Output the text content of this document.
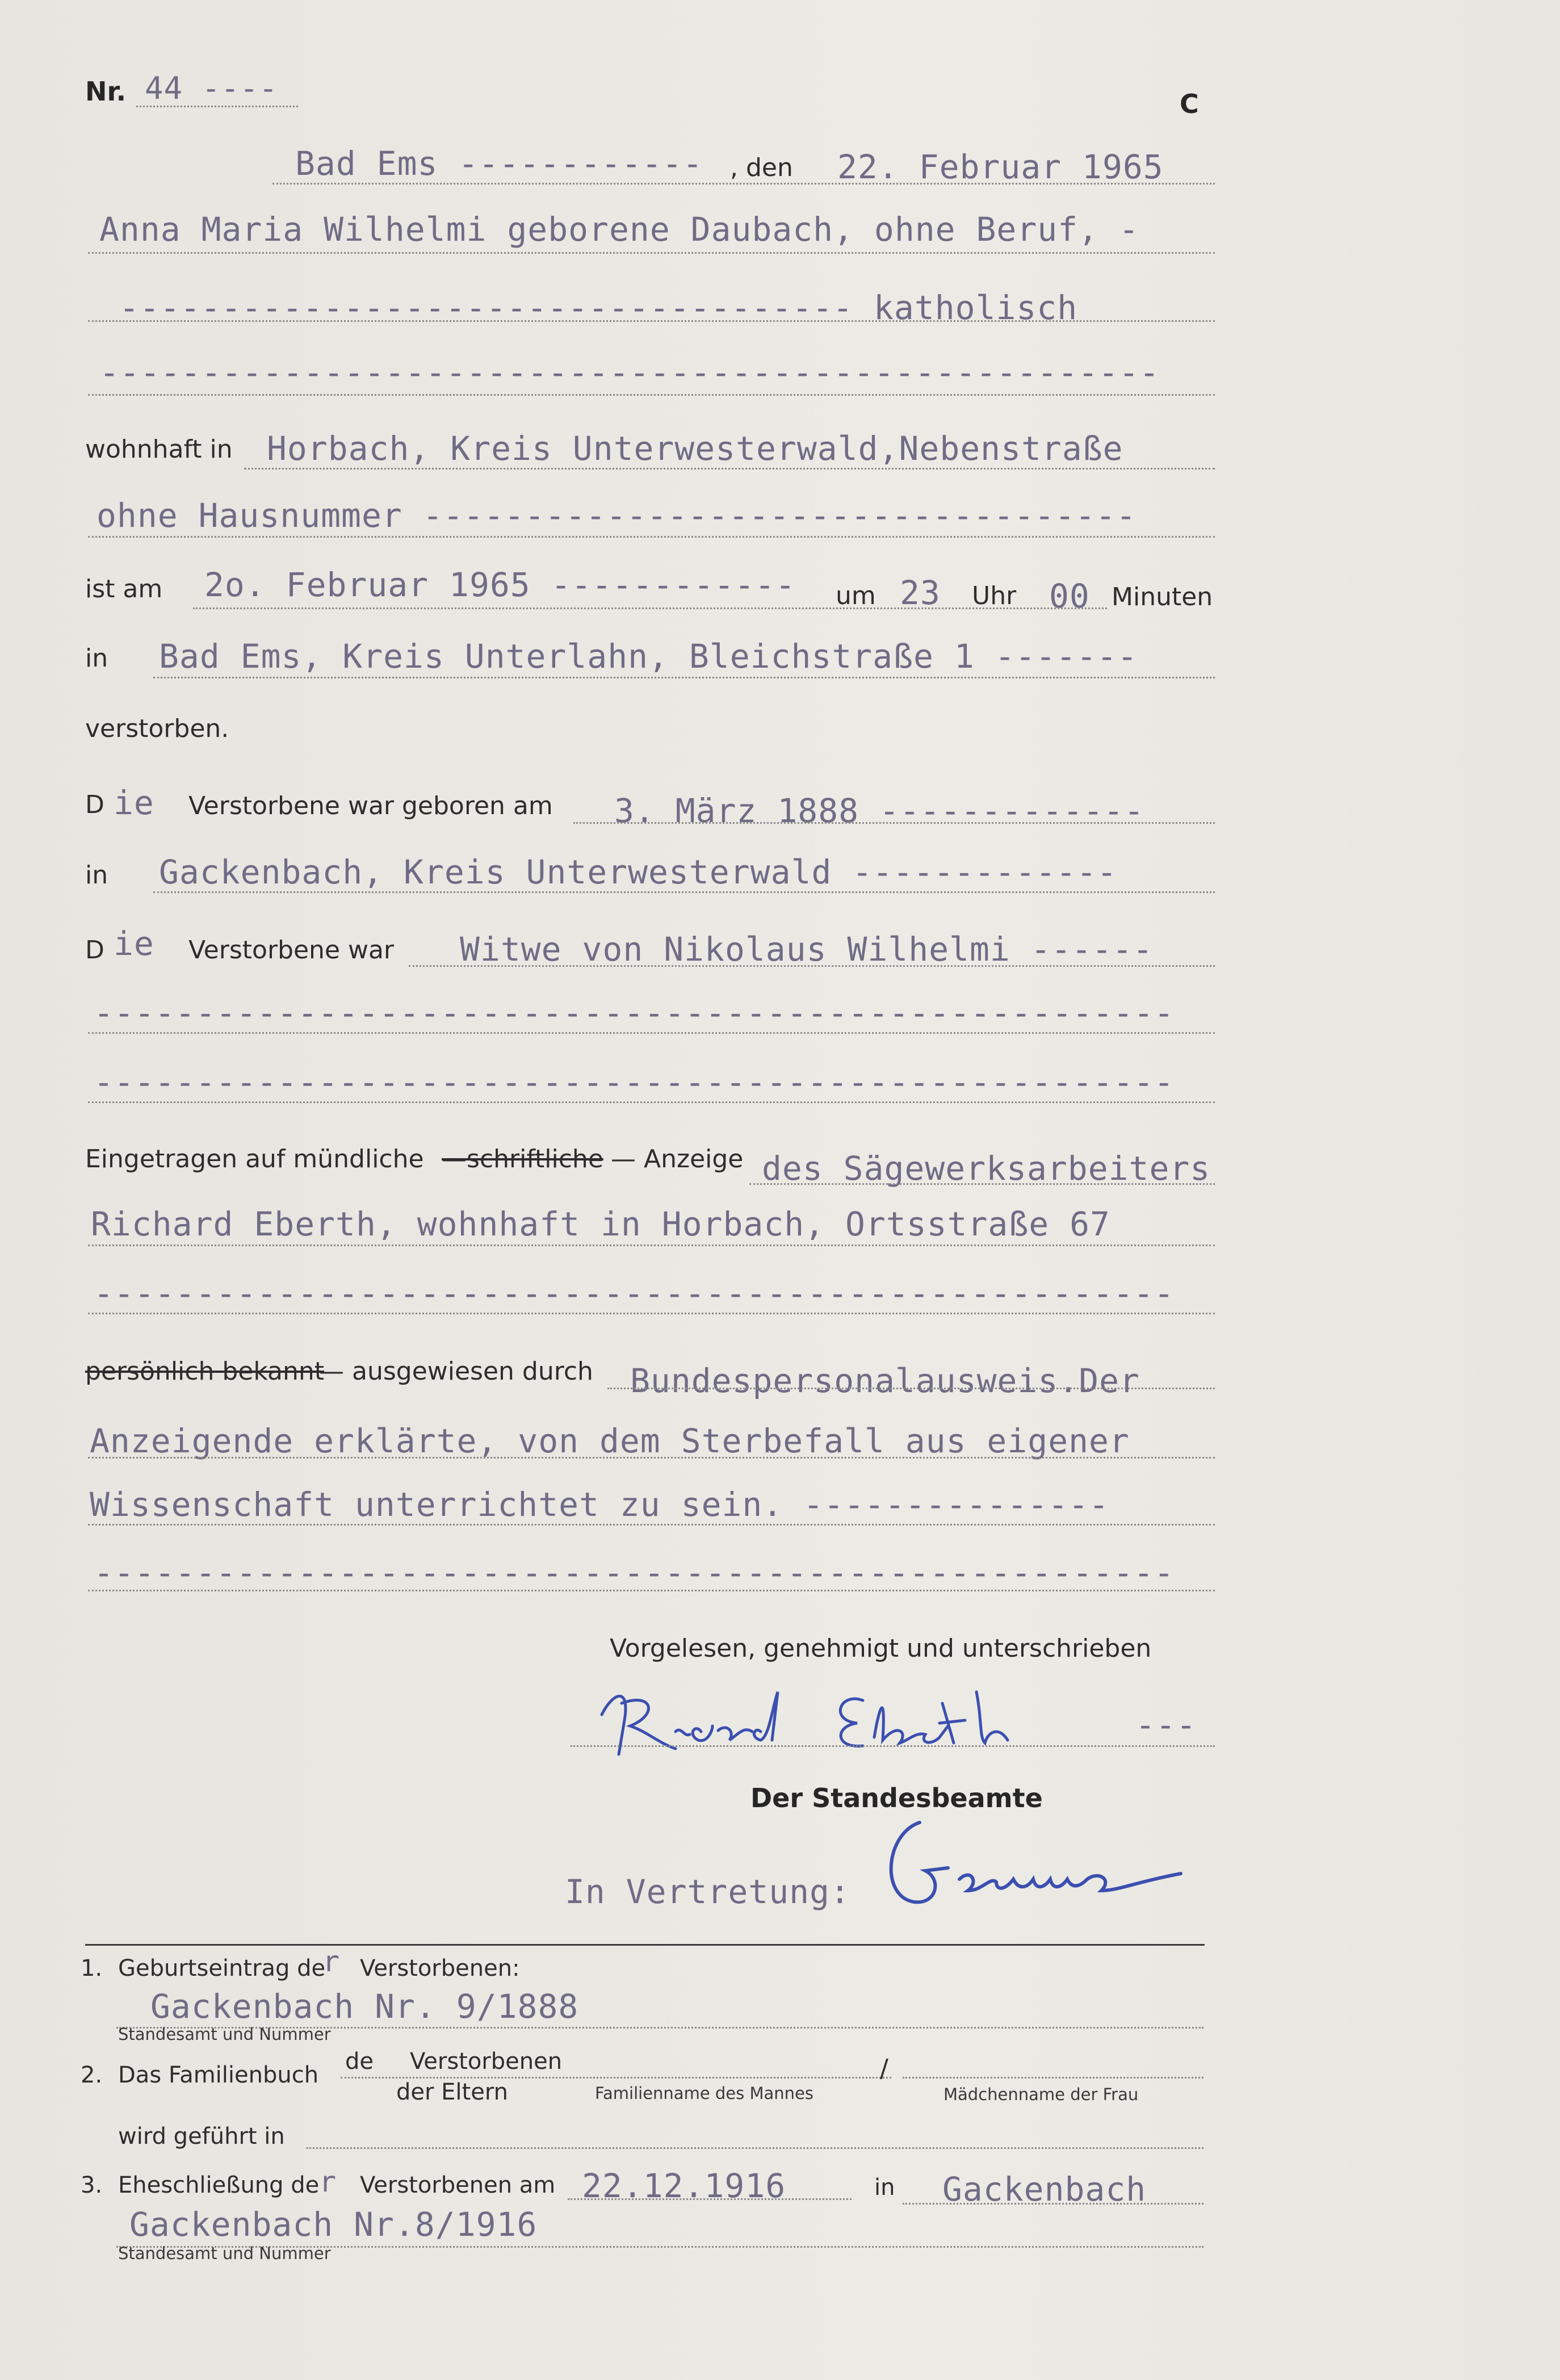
Nr. 44 ----	C
Bad Ems ------------ , den 22. Februar 1965
Anna Maria Wilhelmi geborene Daubach, ohne Beruf, -
------------------------------------ katholisch
----------------------------------------------------
wohnhaft in Horbach, Kreis Unterwesterwald,Nebenstraße
ohne Hausnummer -----------------------------------
ist am 2o. Februar 1965 ------------ um 23 Uhr 00 Minuten
in Bad Ems, Kreis Unterlahn, Bleichstraße 1 -------
verstorben.
D ie Verstorbene war geboren am 3. März 1888 -------------
in Gackenbach, Kreis Unterwesterwald -------------
D ie Verstorbene war Witwe von Nikolaus Wilhelmi ------
-----------------------------------------------------
-----------------------------------------------------
Eingetragen auf mündliche —schriftliche — Anzeige des Sägewerksarbeiters
Richard Eberth, wohnhaft in Horbach, Ortsstraße 67
-----------------------------------------------------
persönlich bekannt
— ausgewiesen durch Bundespersonalausweis.Der
Anzeigende erklärte, von dem Sterbefall aus eigener
Wissenschaft unterrichtet zu sein. ---------------
-----------------------------------------------------
Vorgelesen, genehmigt und unterschrieben
---
Der Standesbeamte
In Vertretung:
1. Geburtseintrag de
r Verstorbenen:
Gackenbach Nr. 9/1888
Standesamt und Nummer
2. Das Familienbuch
de Verstorbenen	/
der Eltern	Familienname des Mannes	Mädchenname der Frau
wird geführt in
3. Eheschließung de r Verstorbenen am 22.12.1916	in Gackenbach
Gackenbach Nr.8/1916
Standesamt und Nummer
